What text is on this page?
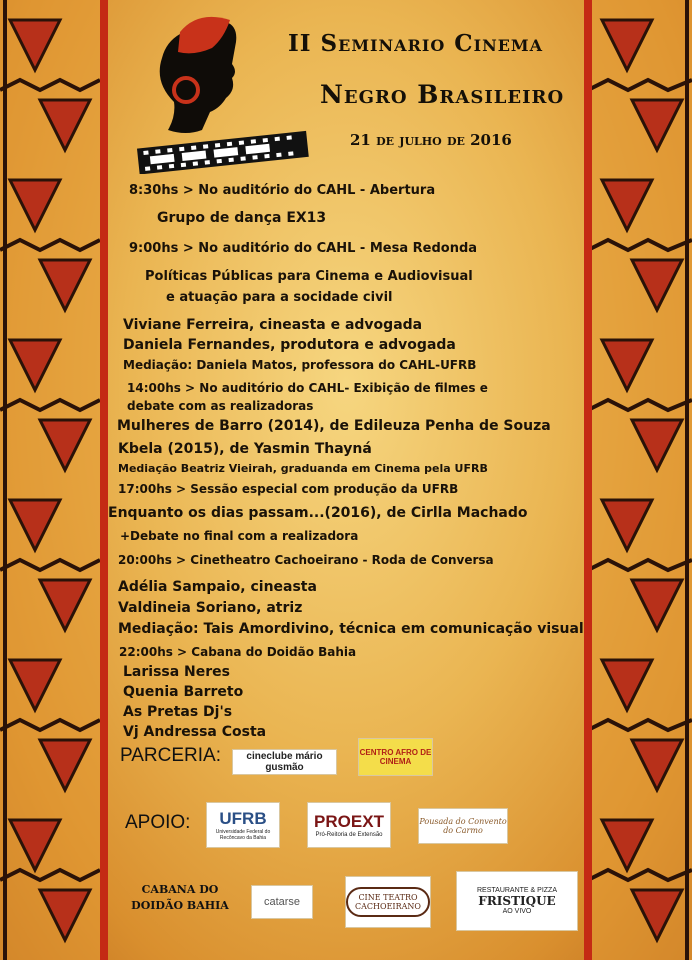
II Seminario Cinema
Negro Brasileiro
21 de julho de 2016
8:30hs > No auditório do CAHL - Abertura
Grupo de dança EX13
9:00hs > No auditório do CAHL - Mesa Redonda
Políticas Públicas para Cinema e Audiovisual
e atuação para a socidade civil
Viviane Ferreira, cineasta e advogada
Daniela Fernandes, produtora e advogada
Mediação: Daniela Matos, professora do CAHL-UFRB
14:00hs > No auditório do CAHL- Exibição de filmes e
debate com as realizadoras
Mulheres de Barro (2014), de Edileuza Penha de Souza
Kbela (2015), de Yasmin Thayná
Mediação Beatriz Vieirah, graduanda em Cinema pela UFRB
17:00hs > Sessão especial com produção da UFRB
Enquanto os dias passam...(2016), de Cirlla Machado
+Debate no final com a realizadora
20:00hs > Cinetheatro Cachoeirano - Roda de Conversa
Adélia Sampaio, cineasta
Valdineia Soriano, atriz
Mediação: Tais Amordivino, técnica em comunicação visual
22:00hs > Cabana do Doidão Bahia
Larissa Neres
Quenia Barreto
As Pretas Dj's
Vj Andressa Costa
PARCERIA:	cineclube mário gusmão
CENTRO AFRO DE CINEMA
APOIO: UFRB
Universidade Federal do Recôncavo da Bahia
PROEXT
Pró-Reitoria de Extensão
Pousada do Convento do Carmo
CABANA DO DOIDÃO BAHIA	catarse	CINE TEATRO CACHOEIRANO
RESTAURANTE & PIZZA
FRISTIQUE
AO VIVO
